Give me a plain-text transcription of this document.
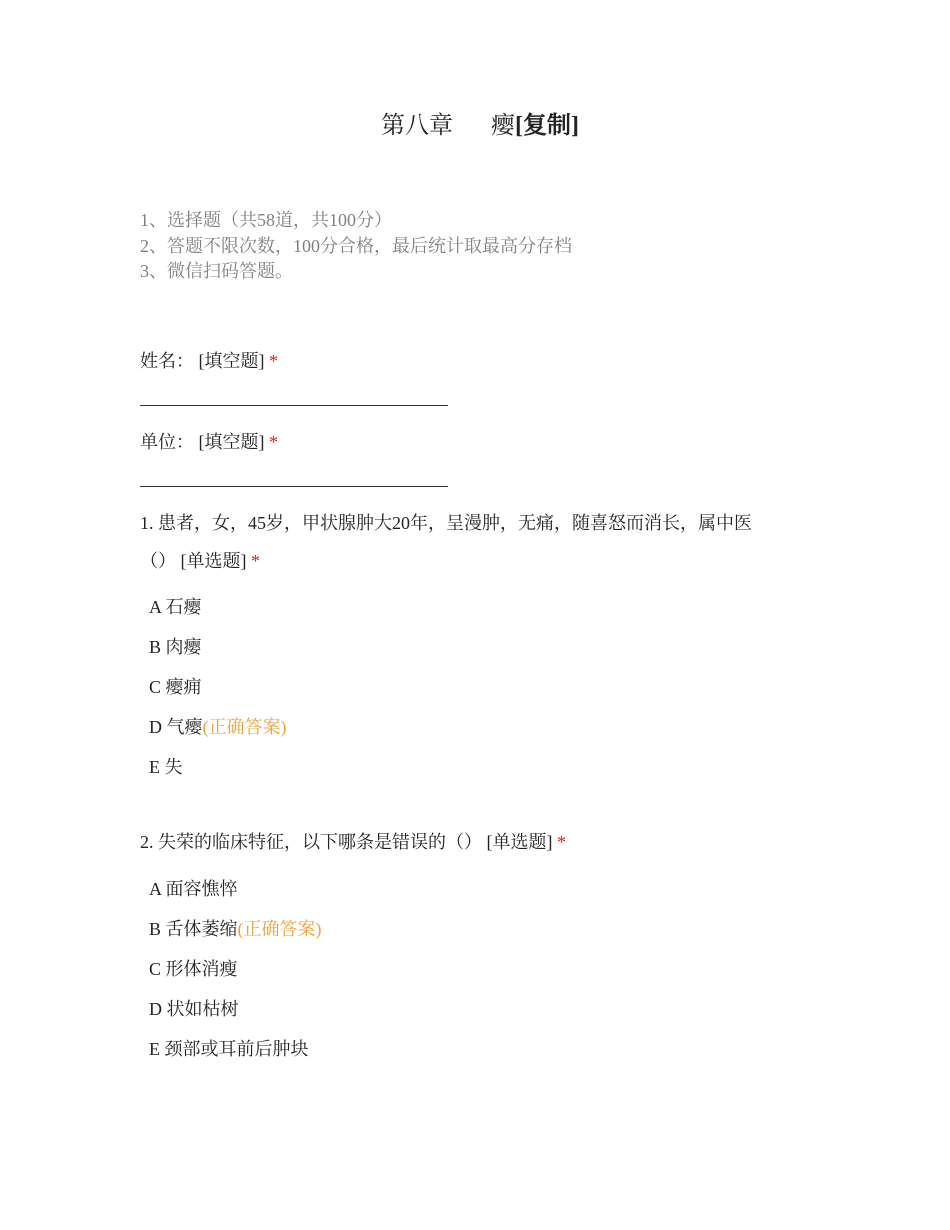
第八章 瘿[复制]
1、选择题（共58道，共100分）
2、答题不限次数，100分合格，最后统计取最高分存档
3、微信扫码答题。
姓名： [填空题] *
单位： [填空题] *
1. 患者，女，45岁，甲状腺肿大20年，呈漫肿，无痛，随喜怒而消长，属中医
（） [单选题] *
A 石瘿
B 肉瘿
C 瘿痈
D 气瘿(正确答案)
E 失
2. 失荣的临床特征，以下哪条是错误的（） [单选题] *
A 面容憔悴
B 舌体萎缩(正确答案)
C 形体消瘦
D 状如枯树
E 颈部或耳前后肿块
